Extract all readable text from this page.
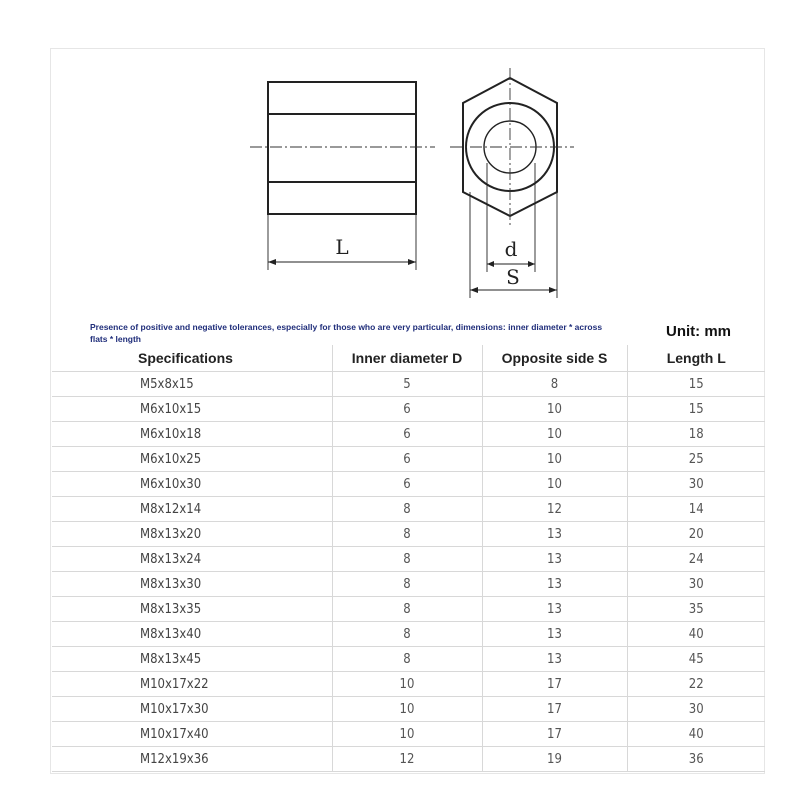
L	d
S
Presence of positive and negative tolerances, especially for those who are very particular, dimensions: inner diameter * across flats * length	Unit: mm
Specifications	Inner diameter D	Opposite side S	Length L
M5x8x15	5	8	15
M6x10x15	6	10	15
M6x10x18	6	10	18
M6x10x25	6	10	25
M6x10x30	6	10	30
M8x12x14	8	12	14
M8x13x20	8	13	20
M8x13x24	8	13	24
M8x13x30	8	13	30
M8x13x35	8	13	35
M8x13x40	8	13	40
M8x13x45	8	13	45
M10x17x22	10	17	22
M10x17x30	10	17	30
M10x17x40	10	17	40
M12x19x36	12	19	36
